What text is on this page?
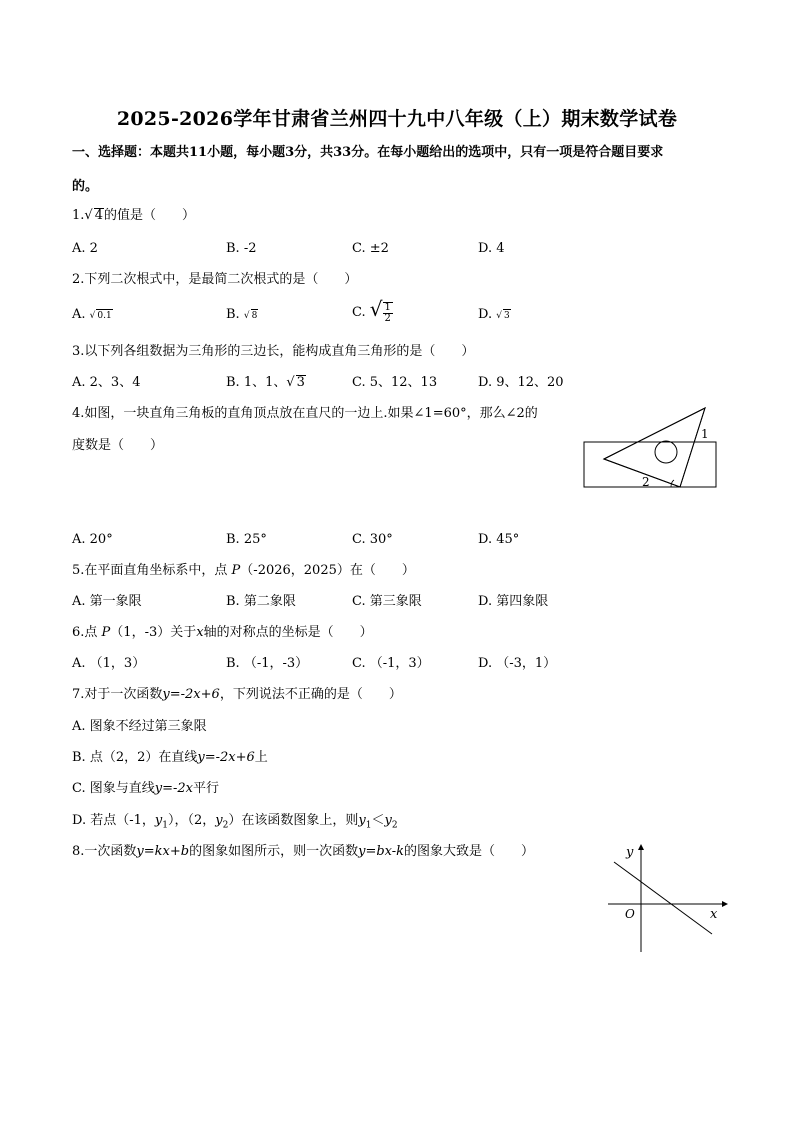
2025-2026学年甘肃省兰州四十九中八年级（上）期末数学试卷
一、选择题：本题共11小题，每小题3分，共33分。在每小题给出的选项中，只有一项是符合题目要求
的。
1.√ 4的值是（　　）
A. 2	B. -2	C. ±2	D. 4
2.下列二次根式中，是最简二次根式的是（　　）
A. √ 0.1	B. √ 8	C. √ $\frac{1}{2}$	D. √ 3
3.以下列各组数据为三角形的三边长，能构成直角三角形的是（　　）
A. 2、3、4	B. 1、1、√ 3	C. 5、12、13	D. 9、12、20
4.如图，一块直角三角板的直角顶点放在直尺的一边上.如果∠1=60°，那么∠2的
度数是（　　）
1
2
A. 20°	B. 25°	C. 30°	D. 45°
5.在平面直角坐标系中，点 P（-2026，2025）在（　　）
A. 第一象限	B. 第二象限	C. 第三象限	D. 第四象限
6.点 P（1，-3）关于x轴的对称点的坐标是（　　）
A. （1，3）	B. （-1，-3）	C. （-1，3）	D. （-3，1）
7.对于一次函数y=-2x+6，下列说法不正确的是（　　）
A. 图象不经过第三象限
B. 点（2，2）在直线y=-2x+6上
C. 图象与直线y=-2x平行
D. 若点（-1，$y_1$），（2，$y_2$）在该函数图象上，则$y_1<y_2$
8.一次函数y=kx+b的图象如图所示，则一次函数y=bx-k的图象大致是（　　）	y
x
O
